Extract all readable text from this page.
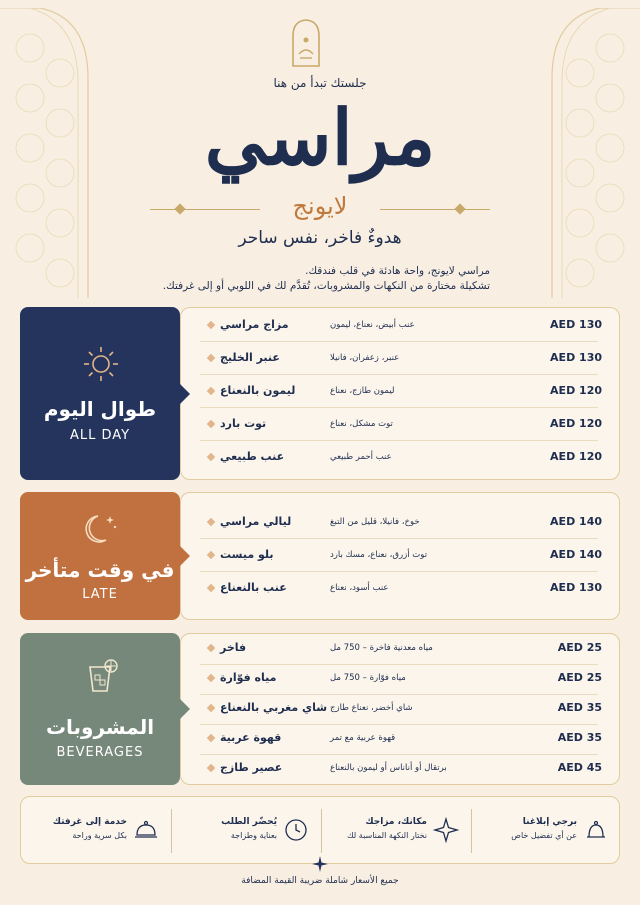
جلستك تبدأ من هنا
مراسي
لايونج
هدوءٌ فاخر، نفس ساحر
مراسي لايونج، واحة هادئة في قلب فندقك.
تشكيلة مختارة من النكهات والمشروبات، تُقدَّم لك في اللوبي أو إلى غرفتك.
طوال اليوم
ALL DAY
AED 130
عنب أبيض، نعناع، ليمون
مزاج مراسي
AED 130
عنبر، زعفران، فانيلا
عنبر الخليج
AED 120
ليمون طازج، نعناع
ليمون بالنعناع
AED 120
توت مشكل، نعناع
توت بارد
AED 120
عنب أحمر طبيعي
عنب طبيعي
في وقت متأخر
LATE
AED 140
خوخ، فانيلا، قليل من التبغ
ليالي مراسي
AED 140
توت أزرق، نعناع، مسك بارد
بلو ميست
AED 130
عنب أسود، نعناع
عنب بالنعناع
المشروبات
BEVERAGES
AED 25
مياه معدنية فاخرة – 750 مل
فاخر
AED 25
مياه فوّارة – 750 مل
مياه فوّارة
AED 35
شاي أخضر، نعناع طازج
شاي مغربي بالنعناع
AED 35
قهوة عربية مع تمر
قهوة عربية
AED 45
برتقال أو أناناس أو ليمون بالنعناع
عصير طازج
برجي إبلاغنا
عن أي تفضيل خاص
مكانك، مزاجك
نختار النكهة المناسبة لك
يُحضّر الطلب
بعناية وطزاجة
خدمة إلى غرفتك
بكل سرية وراحة
جميع الأسعار شاملة ضريبة القيمة المضافة
